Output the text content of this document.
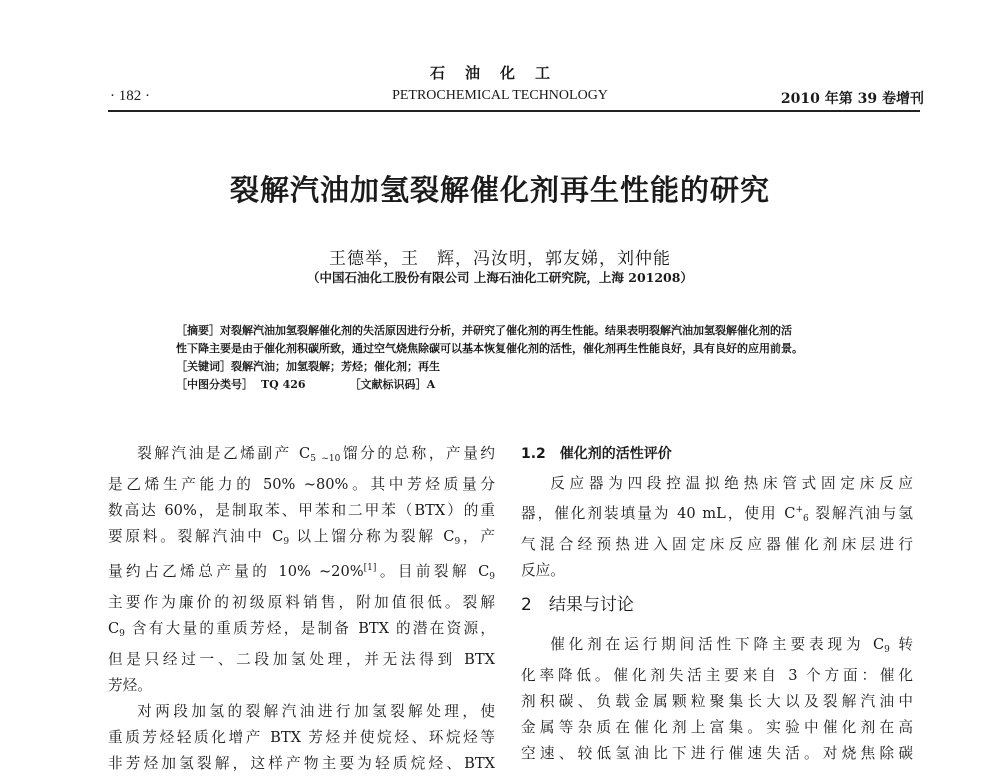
石油化工
PETROCHEMICAL TECHNOLOGY
· 182 ·	2010 年第 39 卷增刊
裂解汽油加氢裂解催化剂再生性能的研究
王德举，王　辉，冯汝明，郭友娣，刘仲能
（中国石油化工股份有限公司 上海石油化工研究院，上海 201208）
［摘要］对裂解汽油加氢裂解催化剂的失活原因进行分析，并研究了催化剂的再生性能。结果表明裂解汽油加氢裂解催化剂的活
性下降主要是由于催化剂积碳所致，通过空气烧焦除碳可以基本恢复催化剂的活性，催化剂再生性能良好，具有良好的应用前景。
［关键词］裂解汽油；加氢裂解；芳烃；催化剂；再生
［中图分类号］ TQ 426	［文献标识码］A
裂解汽油是乙烯副产 $C_{5 \sim 10}$馏分的总称，产量约
是乙烯生产能力的 50% ~80%。其中芳烃质量分
数高达 60%，是制取苯、甲苯和二甲苯（BTX）的重
要原料。裂解汽油中 $C_9$ 以上馏分称为裂解 $C_9$，产
量约占乙烯总产量的 10% ~20%[1]。目前裂解 $C_9$
主要作为廉价的初级原料销售，附加值很低。裂解
$C_9$ 含有大量的重质芳烃，是制备 BTX 的潜在资源，
但是只经过一、二段加氢处理，并无法得到 BTX
芳烃。
对两段加氢的裂解汽油进行加氢裂解处理，使
重质芳烃轻质化增产 BTX 芳烃并使烷烃、环烷烃等
非芳烃加氢裂解，这样产物主要为轻质烷烃、BTX
1.2　催化剂的活性评价
反应器为四段控温拟绝热床管式固定床反应
器，催化剂装填量为 40 mL，使用 $C^+_6$ 裂解汽油与氢
气混合经预热进入固定床反应器催化剂床层进行
反应。
2　结果与讨论
催化剂在运行期间活性下降主要表现为 $C_9$ 转
化率降低。催化剂失活主要来自 3 个方面：催化
剂积碳、负载金属颗粒聚集长大以及裂解汽油中
金属等杂质在催化剂上富集。实验中催化剂在高
空速、较低氢油比下进行催速失活。对烧焦除碳
